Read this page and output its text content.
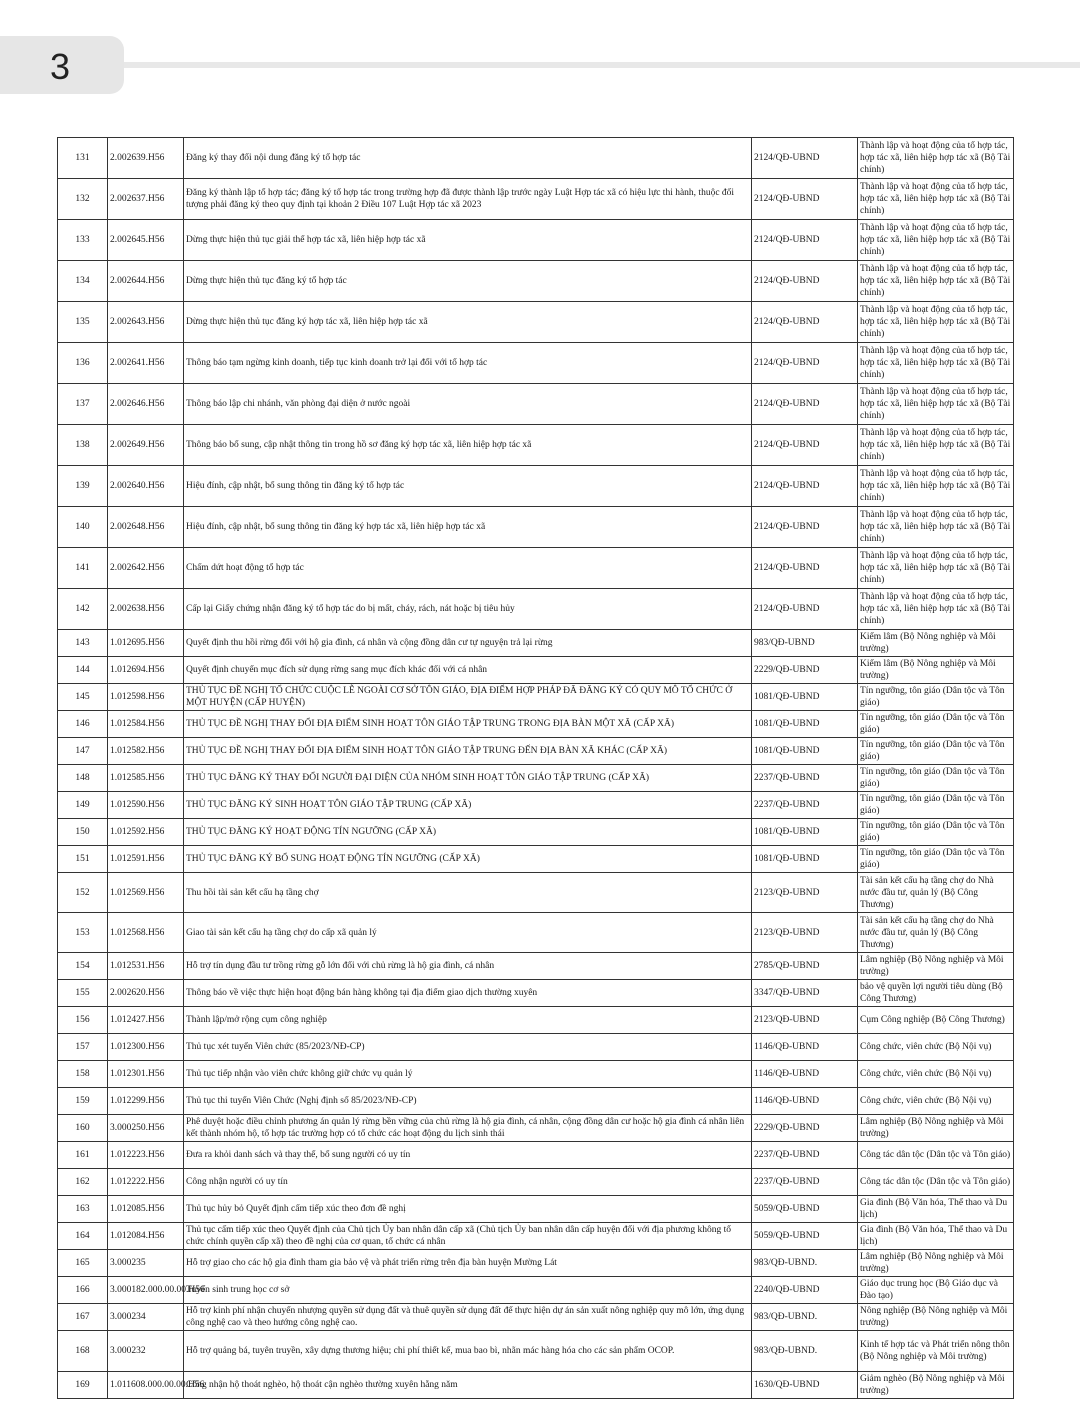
3
131	2.002639.H56	Đăng ký thay đổi nội dung đăng ký tổ hợp tác	2124/QĐ-UBND	Thành lập và hoạt động của tổ hợp tác, hợp tác xã, liên hiệp hợp tác xã (Bộ Tài chính)
132	2.002637.H56	Đăng ký thành lập tổ hợp tác; đăng ký tổ hợp tác trong trường hợp đã được thành lập trước ngày Luật Hợp tác xã có hiệu lực thi hành, thuộc đối tượng phải đăng ký theo quy định tại khoản 2 Điều 107 Luật Hợp tác xã 2023	2124/QĐ-UBND	Thành lập và hoạt động của tổ hợp tác, hợp tác xã, liên hiệp hợp tác xã (Bộ Tài chính)
133	2.002645.H56	Dừng thực hiện thủ tục giải thể hợp tác xã, liên hiệp hợp tác xã	2124/QĐ-UBND	Thành lập và hoạt động của tổ hợp tác, hợp tác xã, liên hiệp hợp tác xã (Bộ Tài chính)
134	2.002644.H56	Dừng thực hiện thủ tục đăng ký tổ hợp tác	2124/QĐ-UBND	Thành lập và hoạt động của tổ hợp tác, hợp tác xã, liên hiệp hợp tác xã (Bộ Tài chính)
135	2.002643.H56	Dừng thực hiện thủ tục đăng ký hợp tác xã, liên hiệp hợp tác xã	2124/QĐ-UBND	Thành lập và hoạt động của tổ hợp tác, hợp tác xã, liên hiệp hợp tác xã (Bộ Tài chính)
136	2.002641.H56	Thông báo tạm ngừng kinh doanh, tiếp tục kinh doanh trở lại đối với tổ hợp tác	2124/QĐ-UBND	Thành lập và hoạt động của tổ hợp tác, hợp tác xã, liên hiệp hợp tác xã (Bộ Tài chính)
137	2.002646.H56	Thông báo lập chi nhánh, văn phòng đại diện ở nước ngoài	2124/QĐ-UBND	Thành lập và hoạt động của tổ hợp tác, hợp tác xã, liên hiệp hợp tác xã (Bộ Tài chính)
138	2.002649.H56	Thông báo bổ sung, cập nhật thông tin trong hồ sơ đăng ký hợp tác xã, liên hiệp hợp tác xã	2124/QĐ-UBND	Thành lập và hoạt động của tổ hợp tác, hợp tác xã, liên hiệp hợp tác xã (Bộ Tài chính)
139	2.002640.H56	Hiệu đính, cập nhật, bổ sung thông tin đăng ký tổ hợp tác	2124/QĐ-UBND	Thành lập và hoạt động của tổ hợp tác, hợp tác xã, liên hiệp hợp tác xã (Bộ Tài chính)
140	2.002648.H56	Hiệu đính, cập nhật, bổ sung thông tin đăng ký hợp tác xã, liên hiệp hợp tác xã	2124/QĐ-UBND	Thành lập và hoạt động của tổ hợp tác, hợp tác xã, liên hiệp hợp tác xã (Bộ Tài chính)
141	2.002642.H56	Chấm dứt hoạt động tổ hợp tác	2124/QĐ-UBND	Thành lập và hoạt động của tổ hợp tác, hợp tác xã, liên hiệp hợp tác xã (Bộ Tài chính)
142	2.002638.H56	Cấp lại Giấy chứng nhận đăng ký tổ hợp tác do bị mất, cháy, rách, nát hoặc bị tiêu hủy	2124/QĐ-UBND	Thành lập và hoạt động của tổ hợp tác, hợp tác xã, liên hiệp hợp tác xã (Bộ Tài chính)
143	1.012695.H56	Quyết định thu hồi rừng đối với hộ gia đình, cá nhân và cộng đồng dân cư tự nguyện trả lại rừng	983/QĐ-UBND	Kiểm lâm (Bộ Nông nghiệp và Môi trường)
144	1.012694.H56	Quyết định chuyển mục đích sử dụng rừng sang mục đích khác đối với cá nhân	2229/QĐ-UBND	Kiểm lâm (Bộ Nông nghiệp và Môi trường)
145	1.012598.H56	THỦ TỤC ĐỀ NGHỊ TỔ CHỨC CUỘC LỄ NGOÀI CƠ SỞ TÔN GIÁO, ĐỊA ĐIỂM HỢP PHÁP ĐÃ ĐĂNG KÝ CÓ QUY MÔ TỔ CHỨC Ở MỘT HUYỆN (CẤP HUYỆN)	1081/QĐ-UBND	Tín ngưỡng, tôn giáo (Dân tộc và Tôn giáo)
146	1.012584.H56	THỦ TỤC ĐỀ NGHỊ THAY ĐỔI ĐỊA ĐIỂM SINH HOẠT TÔN GIÁO TẬP TRUNG TRONG ĐỊA BÀN MỘT XÃ (CẤP XÃ)	1081/QĐ-UBND	Tín ngưỡng, tôn giáo (Dân tộc và Tôn giáo)
147	1.012582.H56	THỦ TỤC ĐỀ NGHỊ THAY ĐỔI ĐỊA ĐIỂM SINH HOẠT TÔN GIÁO TẬP TRUNG ĐẾN ĐỊA BÀN XÃ KHÁC (CẤP XÃ)	1081/QĐ-UBND	Tín ngưỡng, tôn giáo (Dân tộc và Tôn giáo)
148	1.012585.H56	THỦ TỤC ĐĂNG KÝ THAY ĐỔI NGƯỜI ĐẠI DIỆN CỦA NHÓM SINH HOẠT TÔN GIÁO TẬP TRUNG (CẤP XÃ)	2237/QĐ-UBND	Tín ngưỡng, tôn giáo (Dân tộc và Tôn giáo)
149	1.012590.H56	THỦ TỤC ĐĂNG KÝ SINH HOẠT TÔN GIÁO TẬP TRUNG (CẤP XÃ)	2237/QĐ-UBND	Tín ngưỡng, tôn giáo (Dân tộc và Tôn giáo)
150	1.012592.H56	THỦ TỤC ĐĂNG KÝ HOẠT ĐỘNG TÍN NGƯỠNG (CẤP XÃ)	1081/QĐ-UBND	Tín ngưỡng, tôn giáo (Dân tộc và Tôn giáo)
151	1.012591.H56	THỦ TỤC ĐĂNG KÝ BỔ SUNG HOẠT ĐỘNG TÍN NGƯỠNG (CẤP XÃ)	1081/QĐ-UBND	Tín ngưỡng, tôn giáo (Dân tộc và Tôn giáo)
152	1.012569.H56	Thu hồi tài sản kết cấu hạ tầng chợ	2123/QĐ-UBND	Tài sản kết cấu hạ tầng chợ do Nhà nước đầu tư, quản lý (Bộ Công Thương)
153	1.012568.H56	Giao tài sản kết cấu hạ tầng chợ do cấp xã quản lý	2123/QĐ-UBND	Tài sản kết cấu hạ tầng chợ do Nhà nước đầu tư, quản lý (Bộ Công Thương)
154	1.012531.H56	Hỗ trợ tín dụng đầu tư trồng rừng gỗ lớn đối với chủ rừng là hộ gia đình, cá nhân	2785/QĐ-UBND	Lâm nghiệp (Bộ Nông nghiệp và Môi trường)
155	2.002620.H56	Thông báo về việc thực hiện hoạt động bán hàng không tại địa điểm giao dịch thường xuyên	3347/QĐ-UBND	bảo vệ quyền lợi người tiêu dùng (Bộ Công Thương)
156	1.012427.H56	Thành lập/mở rộng cụm công nghiệp	2123/QĐ-UBND	Cụm Công nghiệp (Bộ Công Thương)
157	1.012300.H56	Thủ tục xét tuyển Viên chức (85/2023/NĐ-CP)	1146/QĐ-UBND	Công chức, viên chức (Bộ Nội vụ)
158	1.012301.H56	Thủ tục tiếp nhận vào viên chức không giữ chức vụ quản lý	1146/QĐ-UBND	Công chức, viên chức (Bộ Nội vụ)
159	1.012299.H56	Thủ tục thi tuyển Viên Chức (Nghị định số 85/2023/NĐ-CP)	1146/QĐ-UBND	Công chức, viên chức (Bộ Nội vụ)
160	3.000250.H56	Phê duyệt hoặc điều chỉnh phương án quản lý rừng bền vững của chủ rừng là hộ gia đình, cá nhân, cộng đồng dân cư hoặc hộ gia đình cá nhân liên kết thành nhóm hộ, tổ hợp tác trường hợp có tổ chức các hoạt động du lịch sinh thái	2229/QĐ-UBND	Lâm nghiệp (Bộ Nông nghiệp và Môi trường)
161	1.012223.H56	Đưa ra khỏi danh sách và thay thế, bổ sung người có uy tín	2237/QĐ-UBND	Công tác dân tộc (Dân tộc và Tôn giáo)
162	1.012222.H56	Công nhận người có uy tín	2237/QĐ-UBND	Công tác dân tộc (Dân tộc và Tôn giáo)
163	1.012085.H56	Thủ tục hủy bỏ Quyết định cấm tiếp xúc theo đơn đề nghị	5059/QĐ-UBND	Gia đình (Bộ Văn hóa, Thể thao và Du lịch)
164	1.012084.H56	Thủ tục cấm tiếp xúc theo Quyết định của Chủ tịch Ủy ban nhân dân cấp xã (Chủ tịch Ủy ban nhân dân cấp huyện đối với địa phương không tổ chức chính quyền cấp xã) theo đề nghị của cơ quan, tổ chức cá nhân	5059/QĐ-UBND	Gia đình (Bộ Văn hóa, Thể thao và Du lịch)
165	3.000235	Hỗ trợ giao cho các hộ gia đình tham gia bảo vệ và phát triển rừng trên địa bàn huyện Mường Lát	983/QĐ-UBND.	Lâm nghiệp (Bộ Nông nghiệp và Môi trường)
166	3.000182.000.00.00.H56	Tuyển sinh trung học cơ sở	2240/QĐ-UBND	Giáo dục trung học (Bộ Giáo dục và Đào tạo)
167	3.000234	Hỗ trợ kinh phí nhận chuyển nhượng quyền sử dụng đất và thuê quyền sử dụng đất để thực hiện dự án sản xuất nông nghiệp quy mô lớn, ứng dụng công nghệ cao và theo hướng công nghệ cao.	983/QĐ-UBND.	Nông nghiệp (Bộ Nông nghiệp và Môi trường)
168	3.000232	Hỗ trợ quảng bá, tuyên truyền, xây dựng thương hiệu; chi phí thiết kế, mua bao bì, nhãn mác hàng hóa cho các sản phẩm OCOP.	983/QĐ-UBND.	Kinh tế hợp tác và Phát triển nông thôn (Bộ Nông nghiệp và Môi trường)
169	1.011608.000.00.00.H56	Công nhận hộ thoát nghèo, hộ thoát cận nghèo thường xuyên hằng năm	1630/QĐ-UBND	Giảm nghèo (Bộ Nông nghiệp và Môi trường)
